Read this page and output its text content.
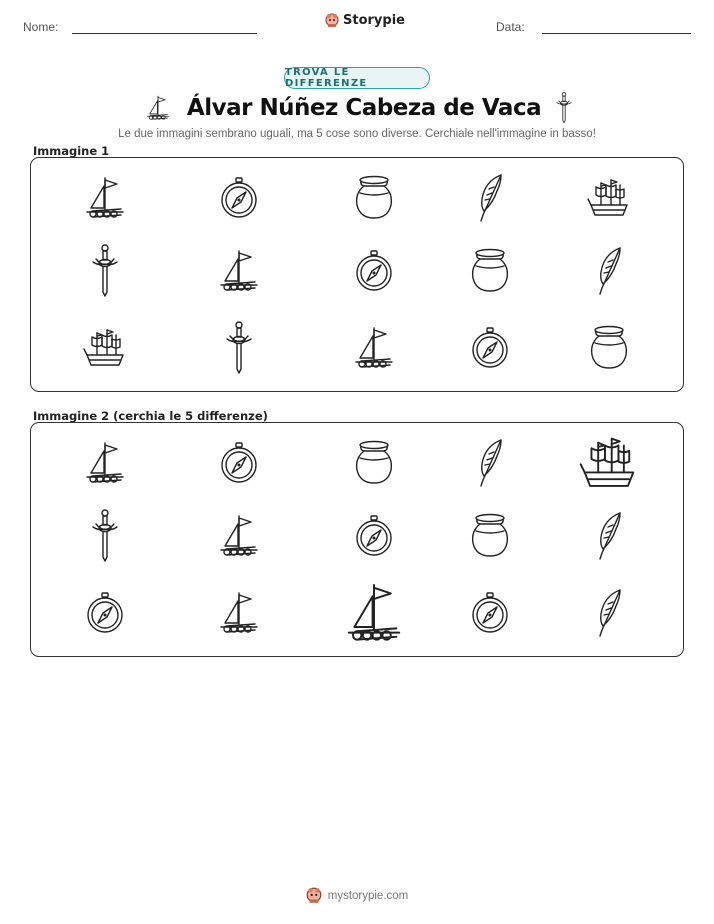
Nome:	Storypie	Data:
TROVA LE DIFFERENZE
Álvar Núñez Cabeza de Vaca
Le due immagini sembrano uguali, ma 5 cose sono diverse. Cerchiale nell'immagine in basso!
Immagine 1
Immagine 2 (cerchia le 5 differenze)
mystorypie.com
